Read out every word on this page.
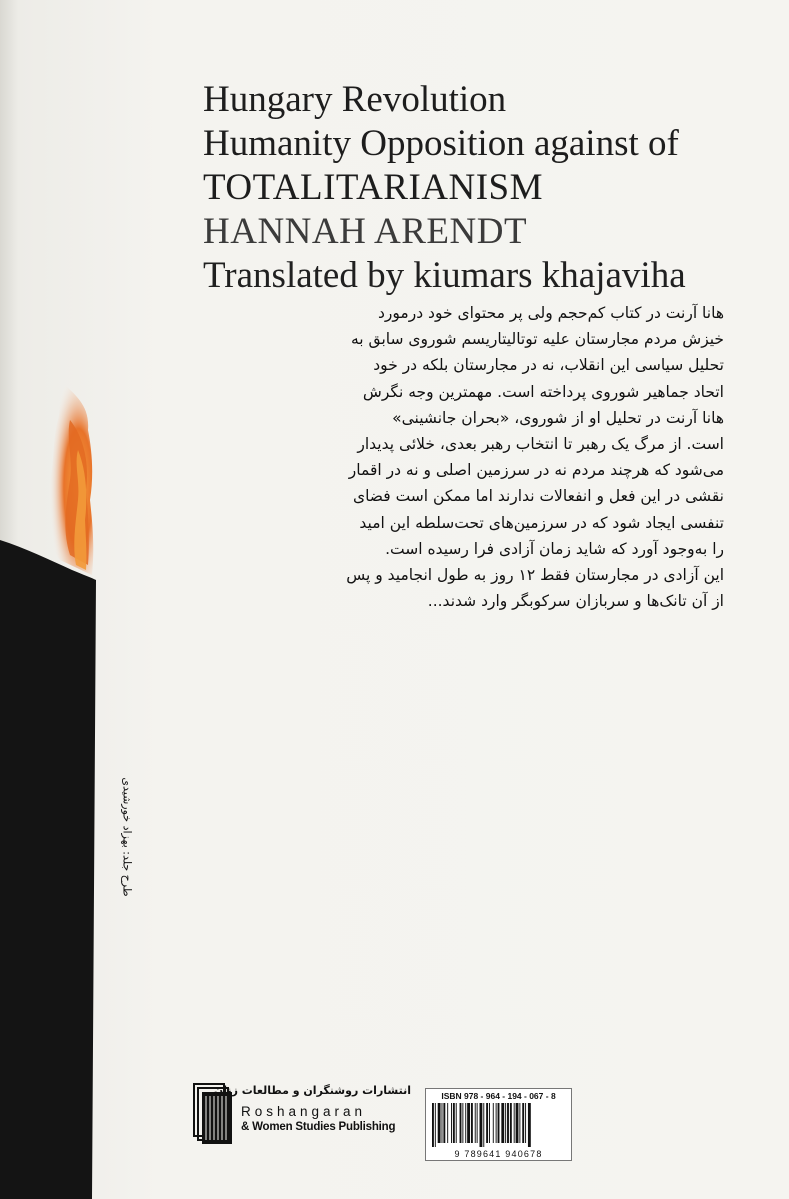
Hungary Revolution
Humanity Opposition against of
TOTALITARIANISM
HANNAH ARENDT
Translated by kiumars khajaviha
هانا آرنت در کتاب کم‌حجم ولی پر محتوای خود درمورد
خیزش مردم مجارستان علیه توتالیتاریسم شوروی سابق به
تحلیل سیاسی این انقلاب، نه در مجارستان بلکه در خود
اتحاد جماهیر شوروی پرداخته است. مهمترین وجه نگرش
هانا آرنت در تحلیل او از شوروی، «بحران جانشینی»
است. از مرگ یک رهبر تا انتخاب رهبر بعدی، خلائی پدیدار
می‌شود که هرچند مردم نه در سرزمین اصلی و نه در اقمار
نقشی در این فعل و انفعالات ندارند اما ممکن است فضای
تنفسی ایجاد شود که در سرزمین‌های تحت‌سلطه این امید
را به‌وجود آورد که شاید زمان آزادی فرا رسیده است.
این آزادی در مجارستان فقط ۱۲ روز به طول انجامید و پس
از آن تانک‌ها و سربازان سرکوبگر وارد شدند...
طرح جلد: بهزاد خورشیدی
انتشارات روشنگران و مطالعات زنان
Roshangaran
& Women Studies Publishing
ISBN 978 - 964 - 194 - 067 - 8
9 789641 940678
